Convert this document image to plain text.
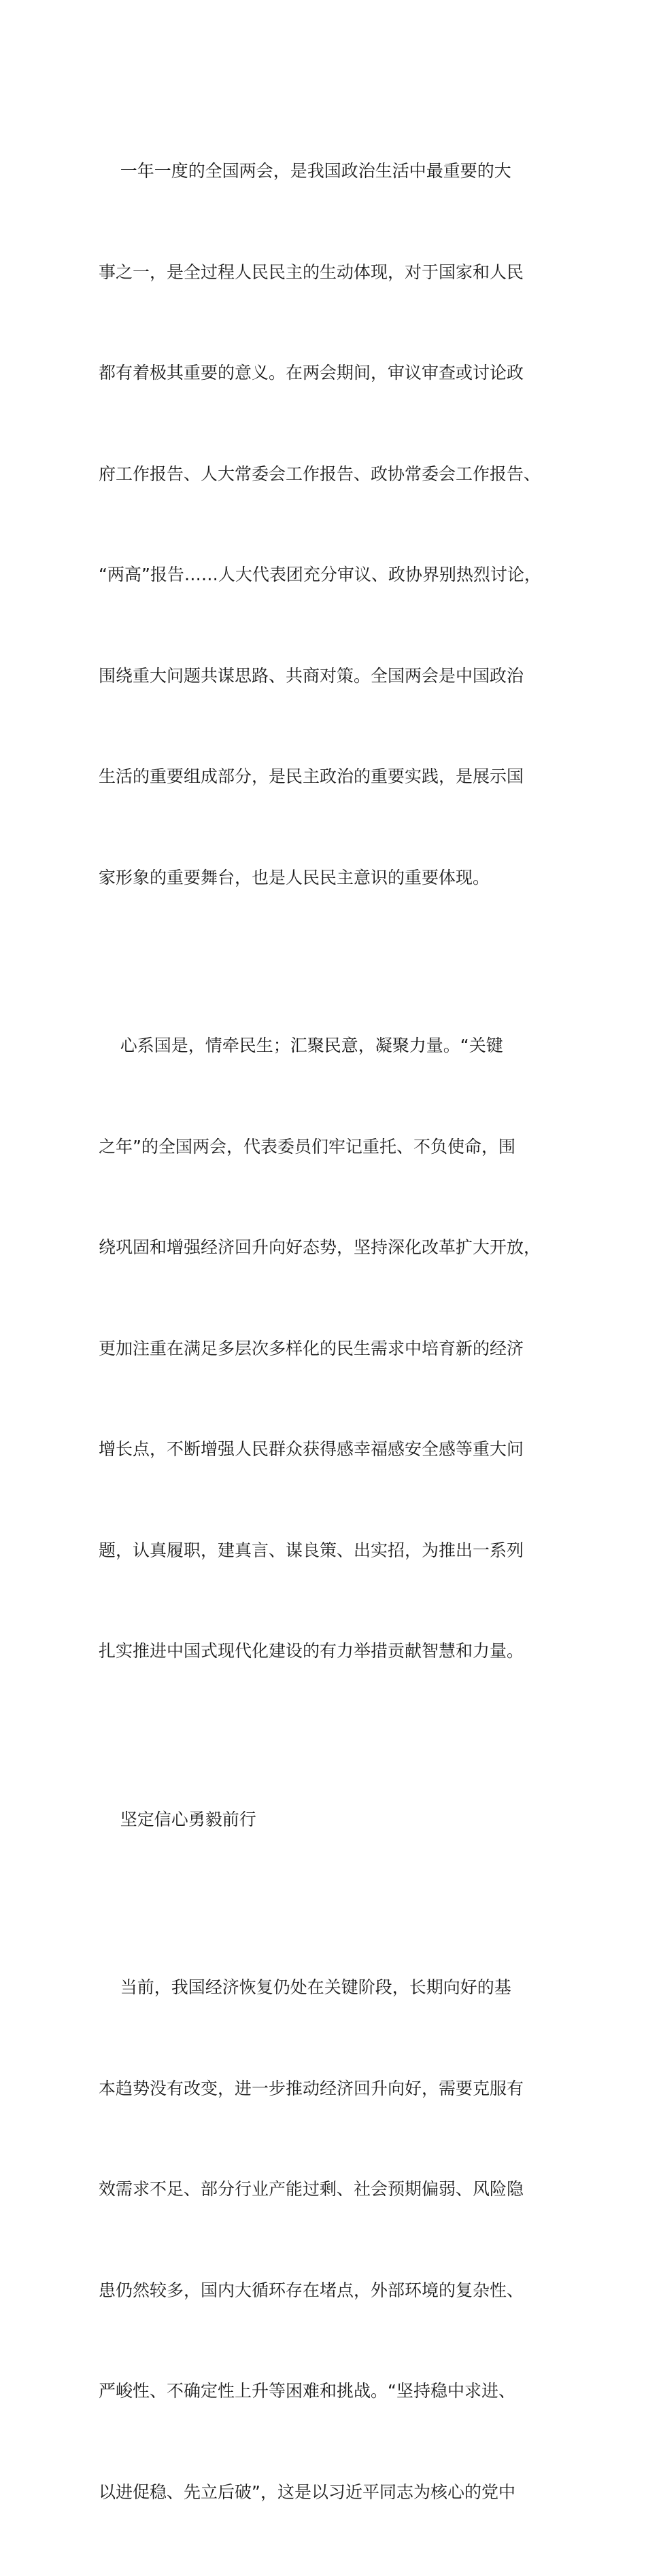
一年一度的全国两会，是我国政治生活中最重要的大

事之一，是全过程人民民主的生动体现，对于国家和人民

都有着极其重要的意义。在两会期间，审议审查或讨论政

府工作报告、人大常委会工作报告、政协常委会工作报告、

“两高”报告……人大代表团充分审议、政协界别热烈讨论，

围绕重大问题共谋思路、共商对策。全国两会是中国政治

生活的重要组成部分，是民主政治的重要实践，是展示国

家形象的重要舞台，也是人民民主意识的重要体现。

心系国是，情牵民生；汇聚民意，凝聚力量。“关键

之年”的全国两会，代表委员们牢记重托、不负使命，围

绕巩固和增强经济回升向好态势，坚持深化改革扩大开放，

更加注重在满足多层次多样化的民生需求中培育新的经济

增长点，不断增强人民群众获得感幸福感安全感等重大问

题，认真履职，建真言、谋良策、出实招，为推出一系列

扎实推进中国式现代化建设的有力举措贡献智慧和力量。

坚定信心勇毅前行

当前，我国经济恢复仍处在关键阶段，长期向好的基

本趋势没有改变，进一步推动经济回升向好，需要克服有

效需求不足、部分行业产能过剩、社会预期偏弱、风险隐

患仍然较多，国内大循环存在堵点，外部环境的复杂性、

严峻性、不确定性上升等困难和挑战。“坚持稳中求进、

以进促稳、先立后破”，这是以习近平同志为核心的党中
